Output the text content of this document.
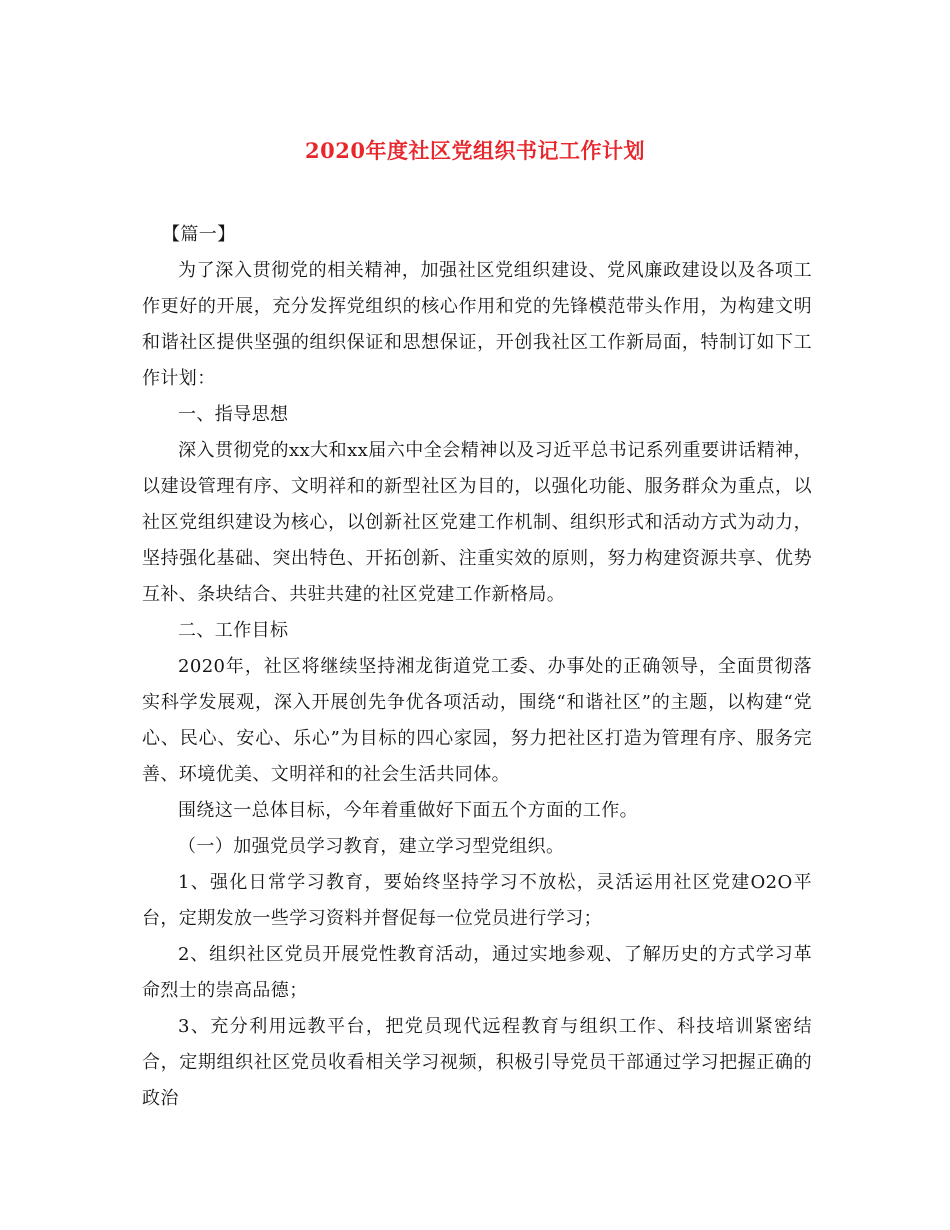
2020年度社区党组织书记工作计划

【篇一】

为了深入贯彻党的相关精神，加强社区党组织建设、党风廉政建设以及各项工作更好的开展，充分发挥党组织的核心作用和党的先锋模范带头作用，为构建文明和谐社区提供坚强的组织保证和思想保证，开创我社区工作新局面，特制订如下工作计划：

一、指导思想

深入贯彻党的xx大和xx届六中全会精神以及习近平总书记系列重要讲话精神，以建设管理有序、文明祥和的新型社区为目的，以强化功能、服务群众为重点，以社区党组织建设为核心，以创新社区党建工作机制、组织形式和活动方式为动力，坚持强化基础、突出特色、开拓创新、注重实效的原则，努力构建资源共享、优势互补、条块结合、共驻共建的社区党建工作新格局。

二、工作目标

2020年，社区将继续坚持湘龙街道党工委、办事处的正确领导，全面贯彻落实科学发展观，深入开展创先争优各项活动，围绕“和谐社区”的主题，以构建“党心、民心、安心、乐心”为目标的四心家园，努力把社区打造为管理有序、服务完善、环境优美、文明祥和的社会生活共同体。

围绕这一总体目标，今年着重做好下面五个方面的工作。

（一）加强党员学习教育，建立学习型党组织。

1、强化日常学习教育，要始终坚持学习不放松，灵活运用社区党建O2O平台，定期发放一些学习资料并督促每一位党员进行学习；

2、组织社区党员开展党性教育活动，通过实地参观、了解历史的方式学习革命烈士的崇高品德；

3、充分利用远教平台，把党员现代远程教育与组织工作、科技培训紧密结合，定期组织社区党员收看相关学习视频，积极引导党员干部通过学习把握正确的政治
